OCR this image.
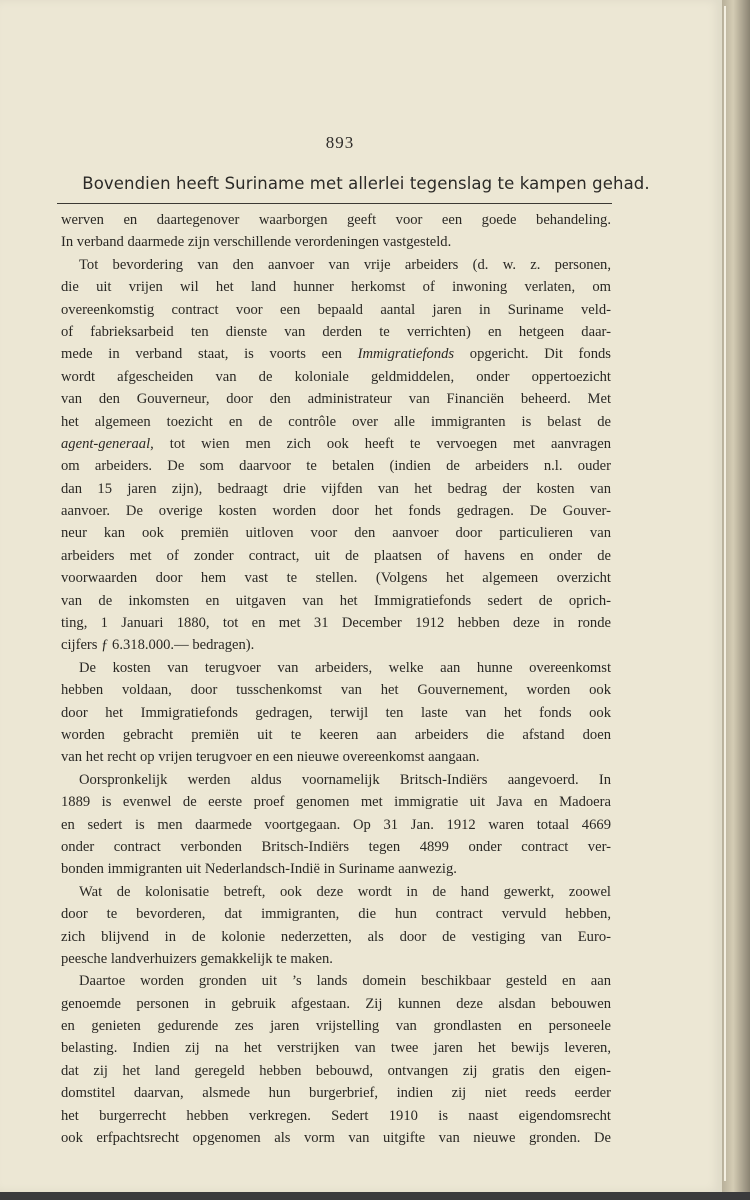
893
Bovendien heeft Suriname met allerlei tegenslag te kampen gehad.
werven en daartegenover waarborgen geeft voor een goede behandeling.
In verband daarmede zijn verschillende verordeningen vastgesteld.
Tot bevordering van den aanvoer van vrije arbeiders (d. w. z. personen,
die uit vrijen wil het land hunner herkomst of inwoning verlaten, om
overeenkomstig contract voor een bepaald aantal jaren in Suriname veld-
of fabrieksarbeid ten dienste van derden te verrichten) en hetgeen daar-
mede in verband staat, is voorts een Immigratiefonds opgericht. Dit fonds
wordt afgescheiden van de koloniale geldmiddelen, onder oppertoezicht
van den Gouverneur, door den administrateur van Financiën beheerd. Met
het algemeen toezicht en de contrôle over alle immigranten is belast de
agent-generaal, tot wien men zich ook heeft te vervoegen met aanvragen
om arbeiders. De som daarvoor te betalen (indien de arbeiders n.l. ouder
dan 15 jaren zijn), bedraagt drie vijfden van het bedrag der kosten van
aanvoer. De overige kosten worden door het fonds gedragen. De Gouver-
neur kan ook premiën uitloven voor den aanvoer door particulieren van
arbeiders met of zonder contract, uit de plaatsen of havens en onder de
voorwaarden door hem vast te stellen. (Volgens het algemeen overzicht
van de inkomsten en uitgaven van het Immigratiefonds sedert de oprich-
ting, 1 Januari 1880, tot en met 31 December 1912 hebben deze in ronde
cijfers ƒ 6.318.000.— bedragen).
De kosten van terugvoer van arbeiders, welke aan hunne overeenkomst
hebben voldaan, door tusschenkomst van het Gouvernement, worden ook
door het Immigratiefonds gedragen, terwijl ten laste van het fonds ook
worden gebracht premiën uit te keeren aan arbeiders die afstand doen
van het recht op vrijen terugvoer en een nieuwe overeenkomst aangaan.
Oorspronkelijk werden aldus voornamelijk Britsch-Indiërs aangevoerd. In
1889 is evenwel de eerste proef genomen met immigratie uit Java en Madoera
en sedert is men daarmede voortgegaan. Op 31 Jan. 1912 waren totaal 4669
onder contract verbonden Britsch-Indiërs tegen 4899 onder contract ver-
bonden immigranten uit Nederlandsch-Indië in Suriname aanwezig.
Wat de kolonisatie betreft, ook deze wordt in de hand gewerkt, zoowel
door te bevorderen, dat immigranten, die hun contract vervuld hebben,
zich blijvend in de kolonie nederzetten, als door de vestiging van Euro-
peesche landverhuizers gemakkelijk te maken.
Daartoe worden gronden uit ’s lands domein beschikbaar gesteld en aan
genoemde personen in gebruik afgestaan. Zij kunnen deze alsdan bebouwen
en genieten gedurende zes jaren vrijstelling van grondlasten en personeele
belasting. Indien zij na het verstrijken van twee jaren het bewijs leveren,
dat zij het land geregeld hebben bebouwd, ontvangen zij gratis den eigen-
domstitel daarvan, alsmede hun burgerbrief, indien zij niet reeds eerder
het burgerrecht hebben verkregen. Sedert 1910 is naast eigendomsrecht
ook erfpachtsrecht opgenomen als vorm van uitgifte van nieuwe gronden. De
